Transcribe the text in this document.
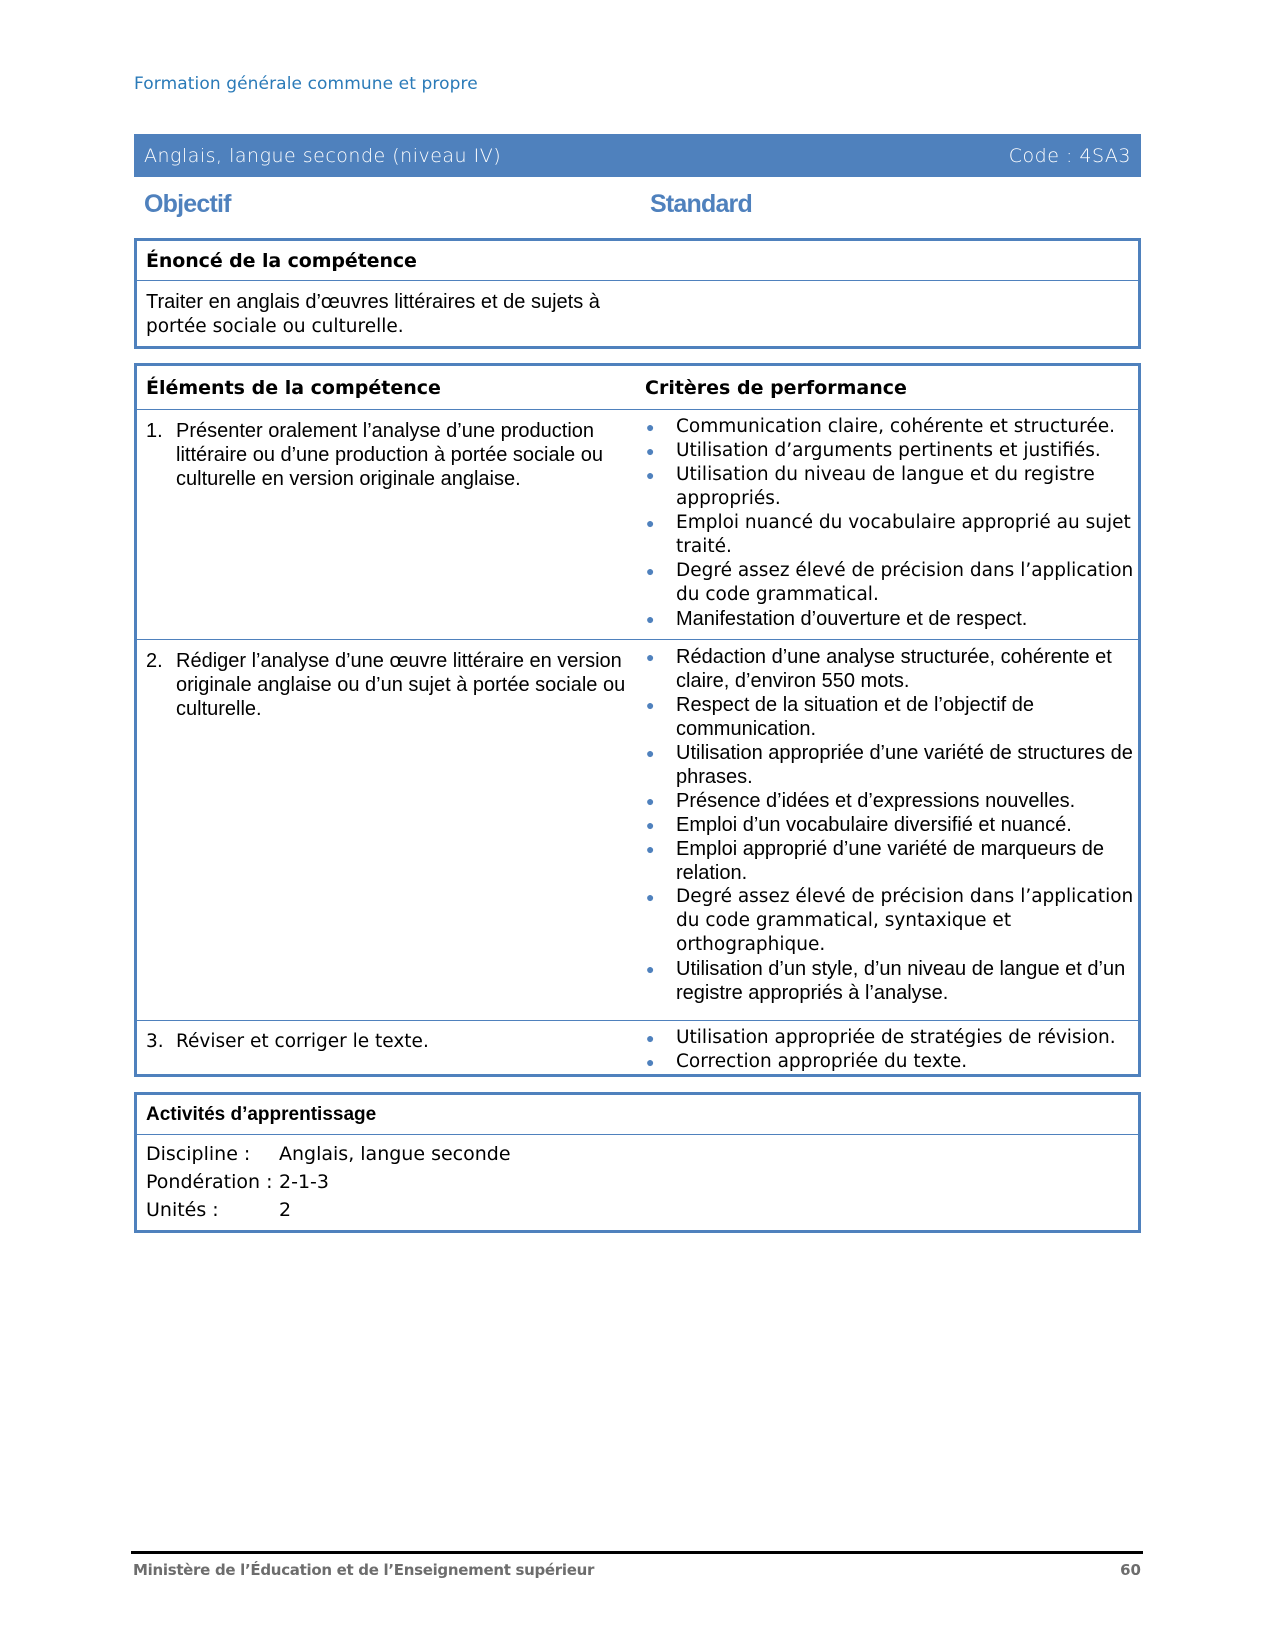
Formation générale commune et propre
Anglais, langue seconde (niveau IV)	Code : 4SA3
Objectif	Standard
Énoncé de la compétence
Traiter en anglais d’œuvres littéraires et de sujets à
portée sociale ou culturelle.
Éléments de la compétence	Critères de performance
1. Présenter oralement l’analyse d’une production littéraire ou d’une production à portée sociale ou culturelle en version originale anglaise.
●	Communication claire, cohérente et structurée.
●	Utilisation d’arguments pertinents et justifiés.
●	Utilisation du niveau de langue et du registre appropriés.
●	Emploi nuancé du vocabulaire approprié au sujet traité.
●	Degré assez élevé de précision dans l’application du code grammatical.
●	Manifestation d’ouverture et de respect.
2. Rédiger l’analyse d’une œuvre littéraire en version originale anglaise ou d’un sujet à portée sociale ou culturelle.
●	Rédaction d’une analyse structurée, cohérente et claire, d’environ 550 mots.
●	Respect de la situation et de l’objectif de communication.
●	Utilisation appropriée d’une variété de structures de phrases.
●	Présence d’idées et d’expressions nouvelles.
●	Emploi d’un vocabulaire diversifié et nuancé.
●	Emploi approprié d’une variété de marqueurs de relation.
●	Degré assez élevé de précision dans l’application du code grammatical, syntaxique et orthographique.
●	Utilisation d’un style, d’un niveau de langue et d’un registre appropriés à l’analyse.
3. Réviser et corriger le texte.	●	Utilisation appropriée de stratégies de révision.
●	Correction appropriée du texte.
Activités d’apprentissage
Discipline :	Anglais, langue seconde
Pondération : 2-1-3
Unités :	2
Ministère de l’Éducation et de l’Enseignement supérieur	60
